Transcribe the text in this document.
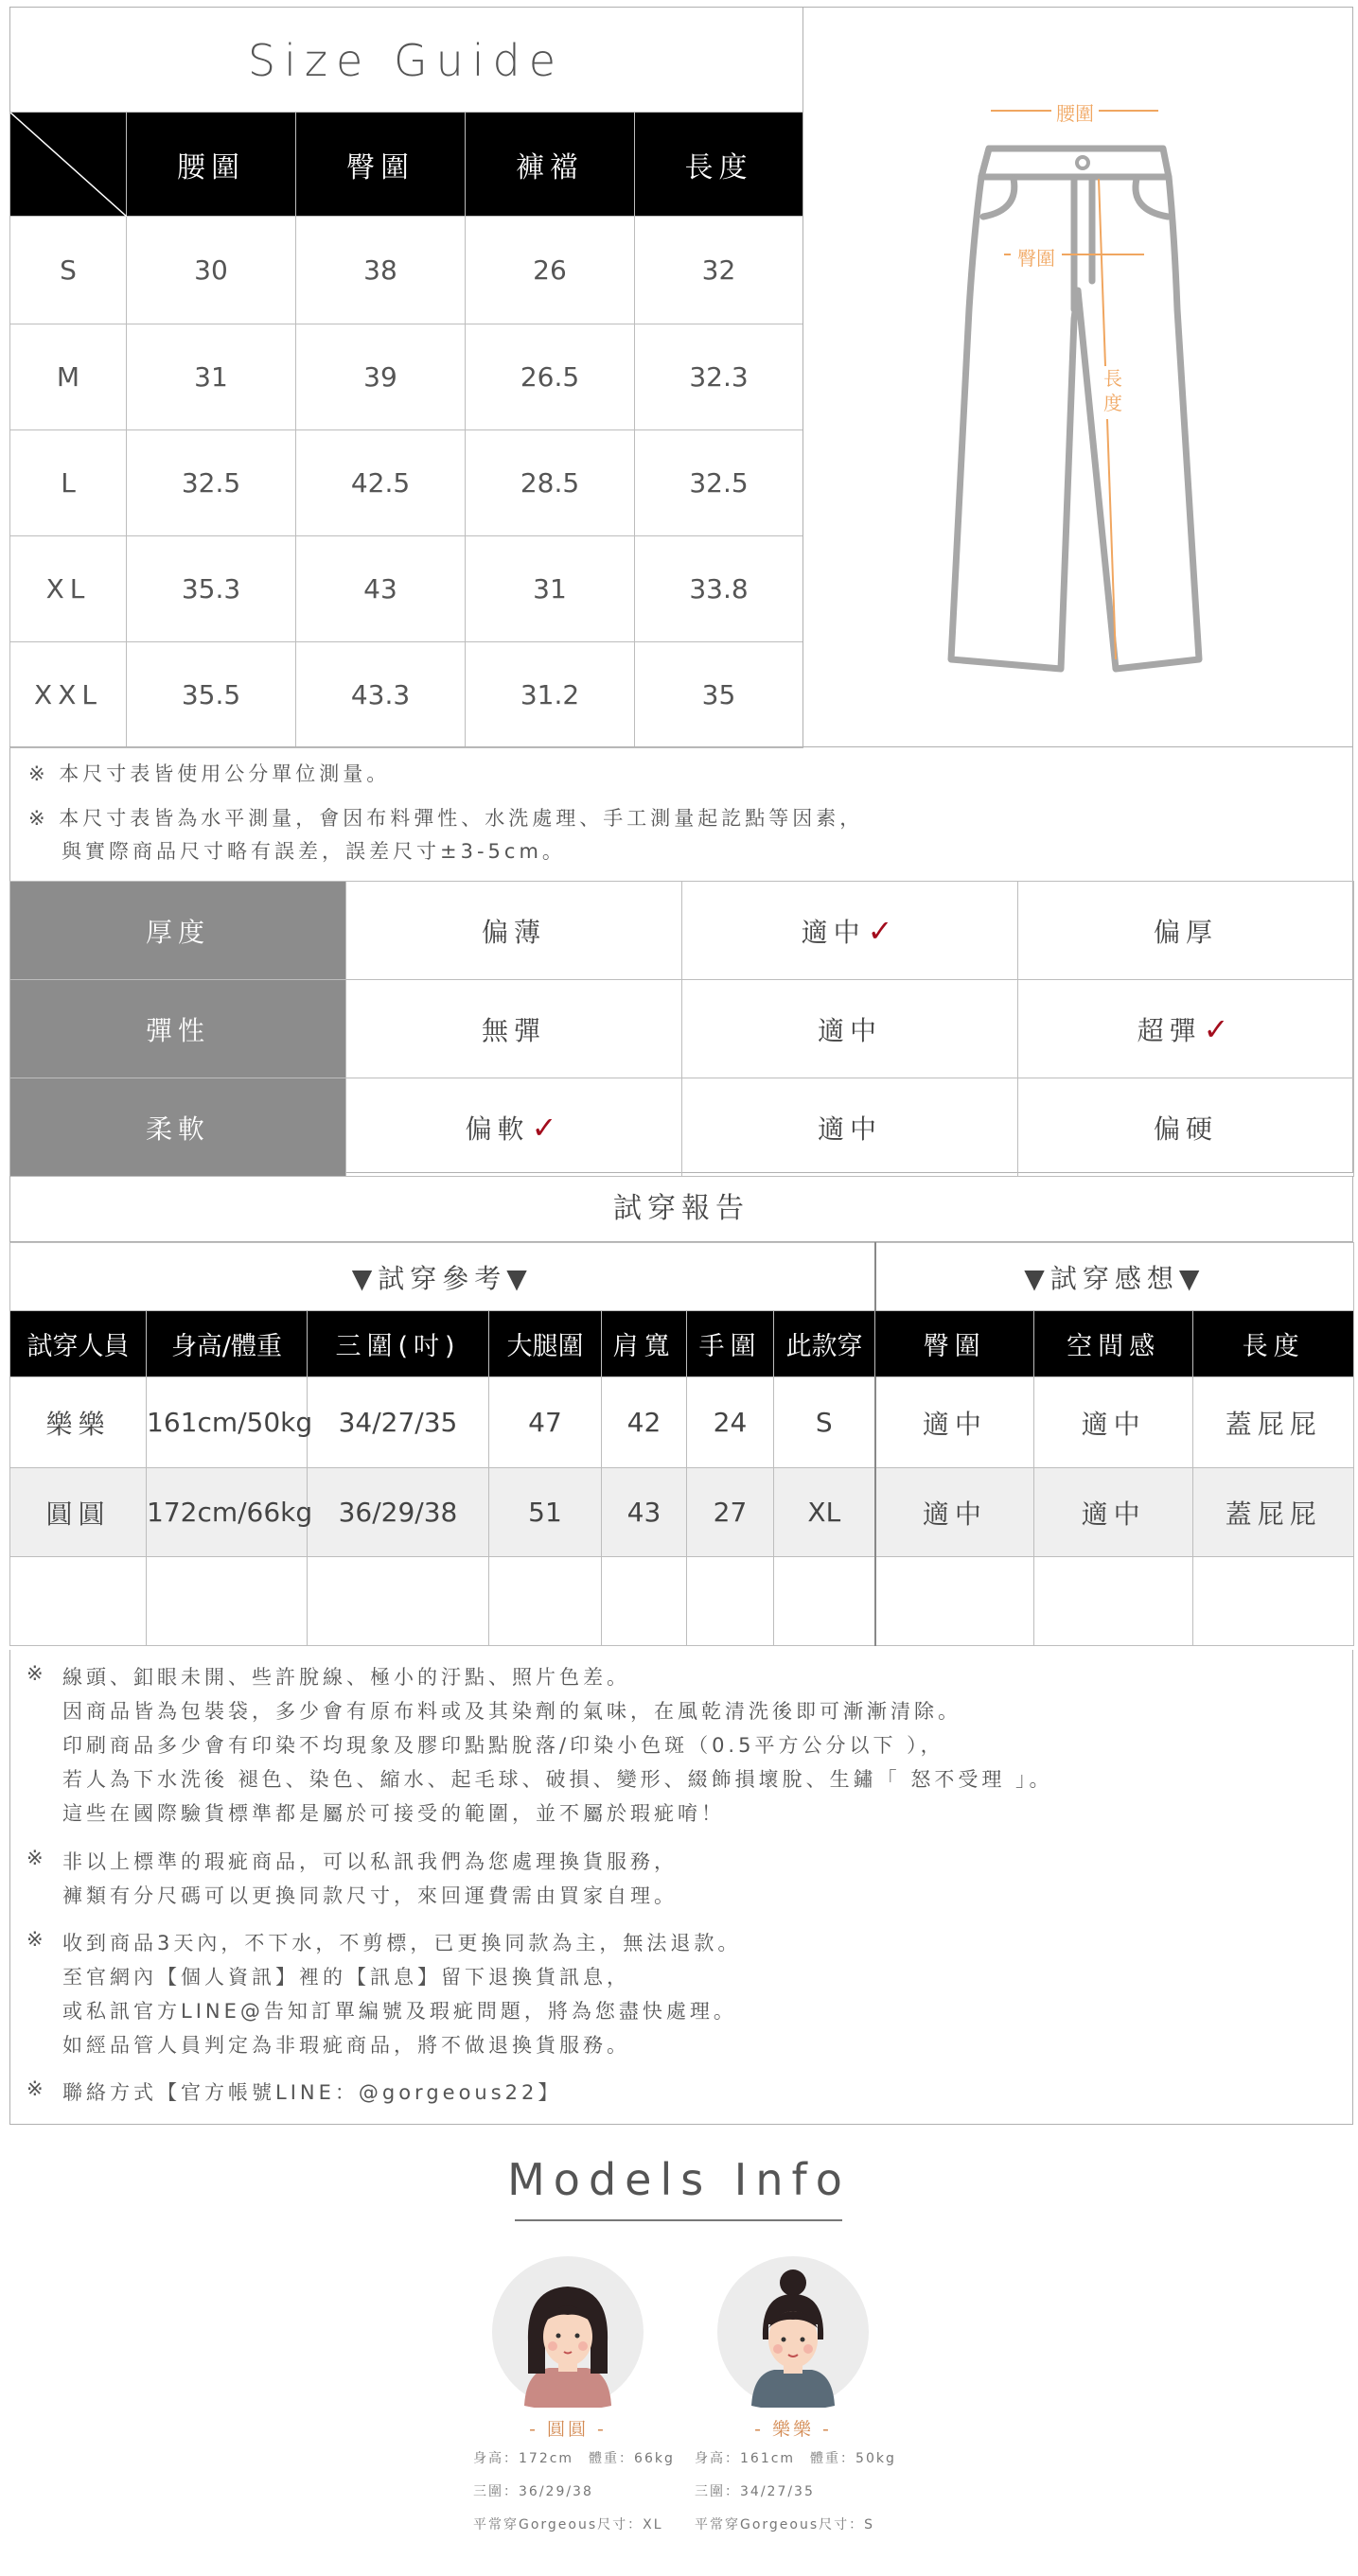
Size Guide
	腰圍	臀圍	褲襠	長度
S	30	38	26	32
M	31	39	26.5	32.3
L	32.5	42.5	28.5	32.5
XL	35.3	43	31	33.8
XXL	35.5	43.3	31.2	35
腰圍
臀圍
長度
※ 本尺寸表皆使用公分單位測量。
※ 本尺寸表皆為水平測量，會因布料彈性、水洗處理、手工測量起訖點等因素，
與實際商品尺寸略有誤差，誤差尺寸±3-5cm。
厚度	偏薄	適中✓	偏厚
彈性	無彈	適中	超彈✓
柔軟	偏軟✓	適中	偏硬
試穿報告
▼試穿參考▼							▼試穿感想▼		
試穿人員	身高/體重	三圍(吋)	大腿圍	肩寬	手圍	此款穿	臀圍	空間感	長度
樂樂	161cm/50kg	34/27/35	47	42	24	S	適中	適中	蓋屁屁
圓圓	172cm/66kg	36/29/38	51	43	27	XL	適中	適中	蓋屁屁

※ 線頭、釦眼未開、些許脫線、極小的汙點、照片色差。
因商品皆為包裝袋，多少會有原布料或及其染劑的氣味，在風乾清洗後即可漸漸清除。
印刷商品多少會有印染不均現象及膠印點點脫落/印染小色斑（0.5平方公分以下 ），
若人為下水洗後 褪色、染色、縮水、起毛球、破損、變形、綴飾損壞脫、生鏽「 怒不受理 」。
這些在國際驗貨標準都是屬於可接受的範圍，並不屬於瑕疵唷！
※ 非以上標準的瑕疵商品，可以私訊我們為您處理換貨服務，
褲類有分尺碼可以更換同款尺寸，來回運費需由買家自理。
※ 收到商品3天內，不下水，不剪標，已更換同款為主，無法退款。
至官網內【個人資訊】裡的【訊息】留下退換貨訊息，
或私訊官方LINE@告知訂單編號及瑕疵問題，將為您盡快處理。
如經品管人員判定為非瑕疵商品，將不做退換貨服務。
※ 聯絡方式【官方帳號LINE：@gorgeous22】
Models Info
- 圓圓 -
身高：172cm　體重：66kg
三圍：36/29/38
平常穿Gorgeous尺寸：XL
- 樂樂 -
身高：161cm　體重：50kg
三圍：34/27/35
平常穿Gorgeous尺寸：S
